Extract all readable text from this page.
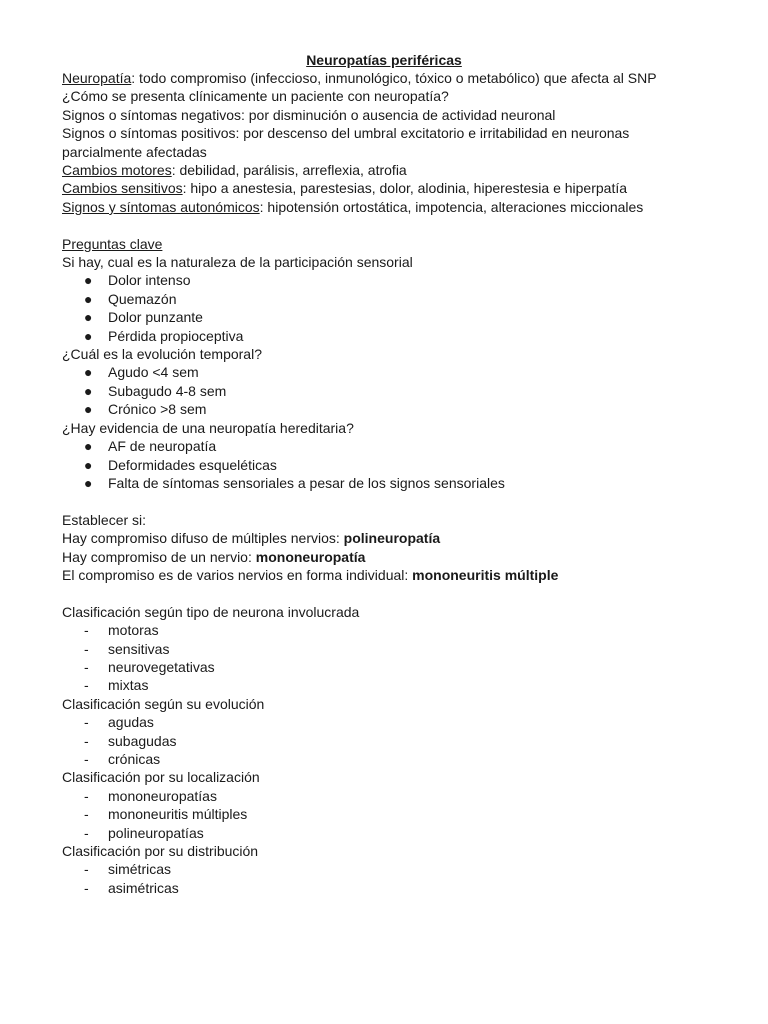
Neuropatías periféricas

Neuropatía: todo compromiso (infeccioso, inmunológico, tóxico o metabólico) que afecta al SNP

¿Cómo se presenta clínicamente un paciente con neuropatía?

Signos o síntomas negativos: por disminución o ausencia de actividad neuronal

Signos o síntomas positivos: por descenso del umbral excitatorio e irritabilidad en neuronas parcialmente afectadas

Cambios motores: debilidad, parálisis, arreflexia, atrofia

Cambios sensitivos: hipo a anestesia, parestesias, dolor, alodinia, hiperestesia e hiperpatía

Signos y síntomas autonómicos: hipotensión ortostática, impotencia, alteraciones miccionales

Preguntas clave

Si hay, cual es la naturaleza de la participación sensorial

● Dolor intenso
● Quemazón
● Dolor punzante
● Pérdida propioceptiva

¿Cuál es la evolución temporal?

● Agudo <4 sem
● Subagudo 4-8 sem
● Crónico >8 sem

¿Hay evidencia de una neuropatía hereditaria?

● AF de neuropatía
● Deformidades esqueléticas
● Falta de síntomas sensoriales a pesar de los signos sensoriales

Establecer si:

Hay compromiso difuso de múltiples nervios: polineuropatía

Hay compromiso de un nervio: mononeuropatía

El compromiso es de varios nervios en forma individual: mononeuritis múltiple

Clasificación según tipo de neurona involucrada

- motoras
- sensitivas
- neurovegetativas
- mixtas

Clasificación según su evolución

- agudas
- subagudas
- crónicas

Clasificación por su localización

- mononeuropatías
- mononeuritis múltiples
- polineuropatías

Clasificación por su distribución

- simétricas
- asimétricas
